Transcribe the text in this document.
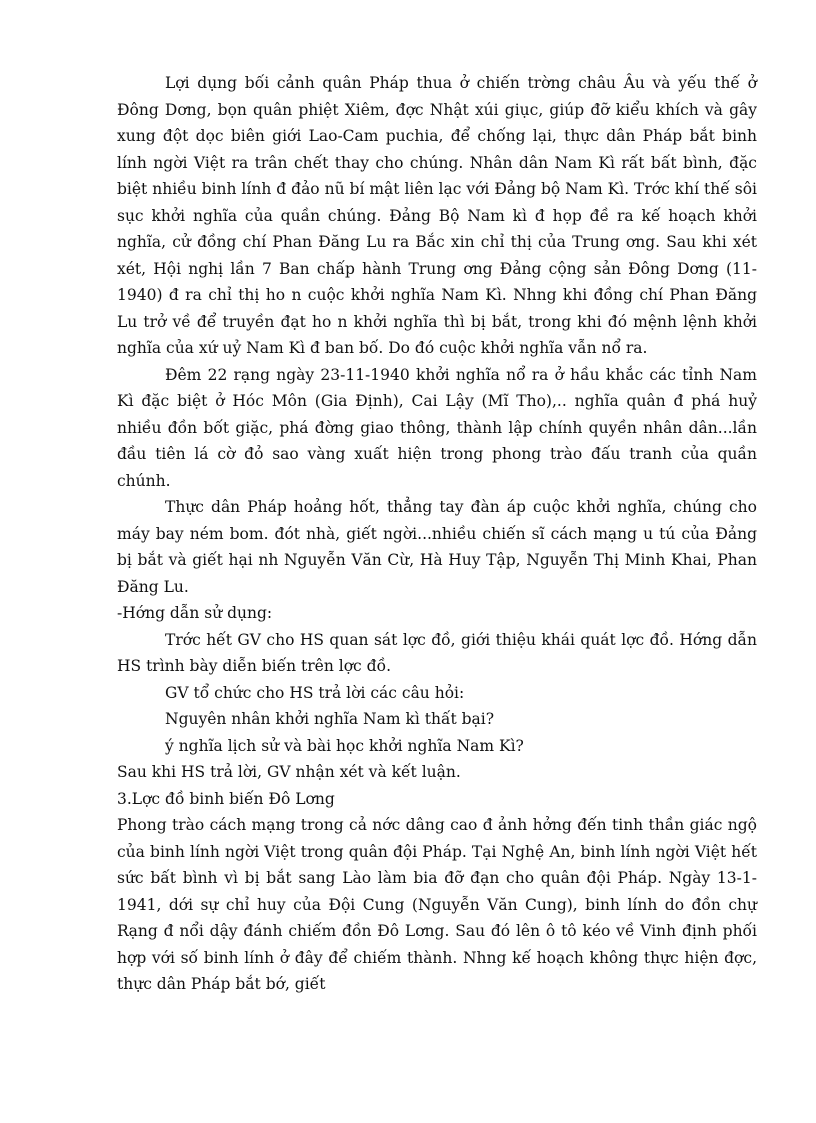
Lợi dụng bối cảnh quân Pháp thua ở chiến trờng châu Âu và yếu thế ở Đông Dơng, bọn quân phiệt Xiêm, đợc Nhật xúi giục, giúp đỡ kiểu khích và gây xung đột dọc biên giới Lao-Cam puchia, để chống lại, thực dân Pháp bắt binh lính ngời Việt ra trân chết thay cho chúng. Nhân dân Nam Kì rất bất bình, đặc biệt nhiều binh lính đ đảo nũ bí mật liên lạc với Đảng bộ Nam Kì. Trớc khí thế sôi sục khởi nghĩa của quần chúng. Đảng Bộ Nam kì đ họp đề ra kế hoạch khởi nghĩa, cử đồng chí Phan Đăng Lu ra Bắc xin chỉ thị của Trung ơng. Sau khi xét xét, Hội nghị lần 7 Ban chấp hành Trung ơng Đảng cộng sản Đông Dơng (11-1940) đ ra chỉ thị ho n cuộc khởi nghĩa Nam Kì. Nhng khi đồng chí Phan Đăng Lu trở về để truyền đạt ho n khởi nghĩa thì bị bắt, trong khi đó mệnh lệnh khởi nghĩa của xứ uỷ Nam Kì đ ban bố. Do đó cuộc khởi nghĩa vẫn nổ ra.

Đêm 22 rạng ngày 23-11-1940 khởi nghĩa nổ ra ở hầu khắc các tỉnh Nam Kì đặc biệt ở Hóc Môn (Gia Định), Cai Lậy (Mĩ Tho),.. nghĩa quân đ phá huỷ nhiều đồn bốt giặc, phá đờng giao thông, thành lập chính quyền nhân dân...lần đầu tiên lá cờ đỏ sao vàng xuất hiện trong phong trào đấu tranh của quần chúnh.

Thực dân Pháp hoảng hốt, thẳng tay đàn áp cuộc khởi nghĩa, chúng cho máy bay ném bom. đót nhà, giết ngời...nhiều chiến sĩ cách mạng u tú của Đảng bị bắt và giết hại nh Nguyễn Văn Cừ, Hà Huy Tập, Nguyễn Thị Minh Khai, Phan Đăng Lu.

-Hớng dẫn sử dụng:

Trớc hết GV cho HS quan sát lợc đồ, giới thiệu khái quát lợc đồ. Hớng dẫn HS trình bày diễn biến trên lợc đồ.

GV tổ chức cho HS trả lời các câu hỏi:

Nguyên nhân khởi nghĩa Nam kì thất bại?

ý nghĩa lịch sử và bài học khởi nghĩa Nam Kì?

Sau khi HS trả lời, GV nhận xét và kết luận.

3.Lợc đồ binh biến Đô Lơng

Phong trào cách mạng trong cả nớc dâng cao đ ảnh hởng đến tinh thần giác ngộ của binh lính ngời Việt trong quân đội Pháp. Tại Nghệ An, binh lính ngời Việt hết sức bất bình vì bị bắt sang Lào làm bia đỡ đạn cho quân đội Pháp. Ngày 13-1-1941, dới sự chỉ huy của Đội Cung (Nguyễn Văn Cung), binh lính do đồn chự Rạng đ nổi dậy đánh chiếm đồn Đô Lơng. Sau đó lên ô tô kéo về Vinh định phối hợp với số binh lính ở đây để chiếm thành. Nhng kế hoạch không thực hiện đợc, thực dân Pháp bắt bớ, giết
